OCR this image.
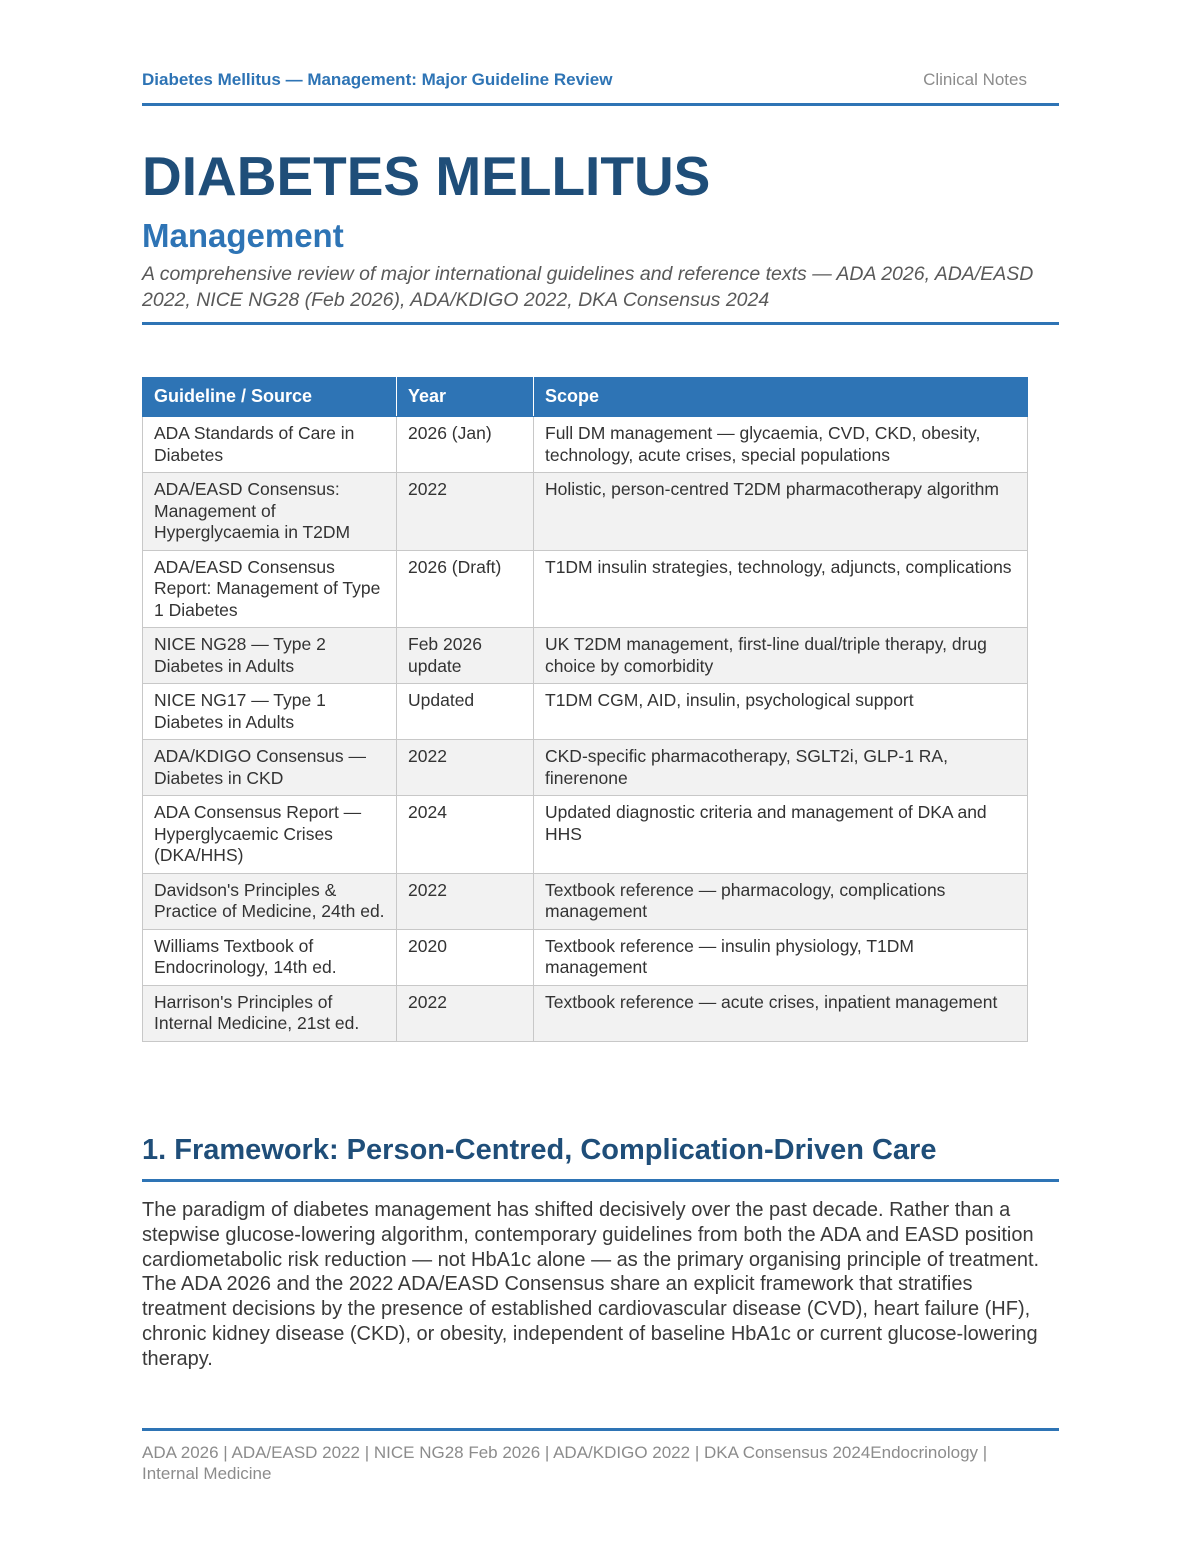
Diabetes Mellitus — Management: Major Guideline Review	Clinical Notes
DIABETES MELLITUS
Management
A comprehensive review of major international guidelines and reference texts — ADA 2026, ADA/EASD 2022, NICE NG28 (Feb 2026), ADA/KDIGO 2022, DKA Consensus 2024
Guideline / Source	Year	Scope
ADA Standards of Care in Diabetes	2026 (Jan)	Full DM management — glycaemia, CVD, CKD, obesity, technology, acute crises, special populations
ADA/EASD Consensus: Management of Hyperglycaemia in T2DM	2022	Holistic, person-centred T2DM pharmacotherapy algorithm
ADA/EASD Consensus Report: Management of Type 1 Diabetes	2026 (Draft)	T1DM insulin strategies, technology, adjuncts, complications
NICE NG28 — Type 2 Diabetes in Adults	Feb 2026 update	UK T2DM management, first-line dual/triple therapy, drug choice by comorbidity
NICE NG17 — Type 1 Diabetes in Adults	Updated	T1DM CGM, AID, insulin, psychological support
ADA/KDIGO Consensus — Diabetes in CKD	2022	CKD-specific pharmacotherapy, SGLT2i, GLP-1 RA, finerenone
ADA Consensus Report — Hyperglycaemic Crises (DKA/HHS)	2024	Updated diagnostic criteria and management of DKA and HHS
Davidson's Principles & Practice of Medicine, 24th ed.	2022	Textbook reference — pharmacology, complications management
Williams Textbook of Endocrinology, 14th ed.	2020	Textbook reference — insulin physiology, T1DM management
Harrison's Principles of Internal Medicine, 21st ed.	2022	Textbook reference — acute crises, inpatient management
1. Framework: Person-Centred, Complication-Driven Care
The paradigm of diabetes management has shifted decisively over the past decade. Rather than a stepwise glucose-lowering algorithm, contemporary guidelines from both the ADA and EASD position cardiometabolic risk reduction — not HbA1c alone — as the primary organising principle of treatment. The ADA 2026 and the 2022 ADA/EASD Consensus share an explicit framework that stratifies treatment decisions by the presence of established cardiovascular disease (CVD), heart failure (HF), chronic kidney disease (CKD), or obesity, independent of baseline HbA1c or current glucose-lowering therapy.
ADA 2026 | ADA/EASD 2022 | NICE NG28 Feb 2026 | ADA/KDIGO 2022 | DKA Consensus 2024Endocrinology | Internal Medicine
